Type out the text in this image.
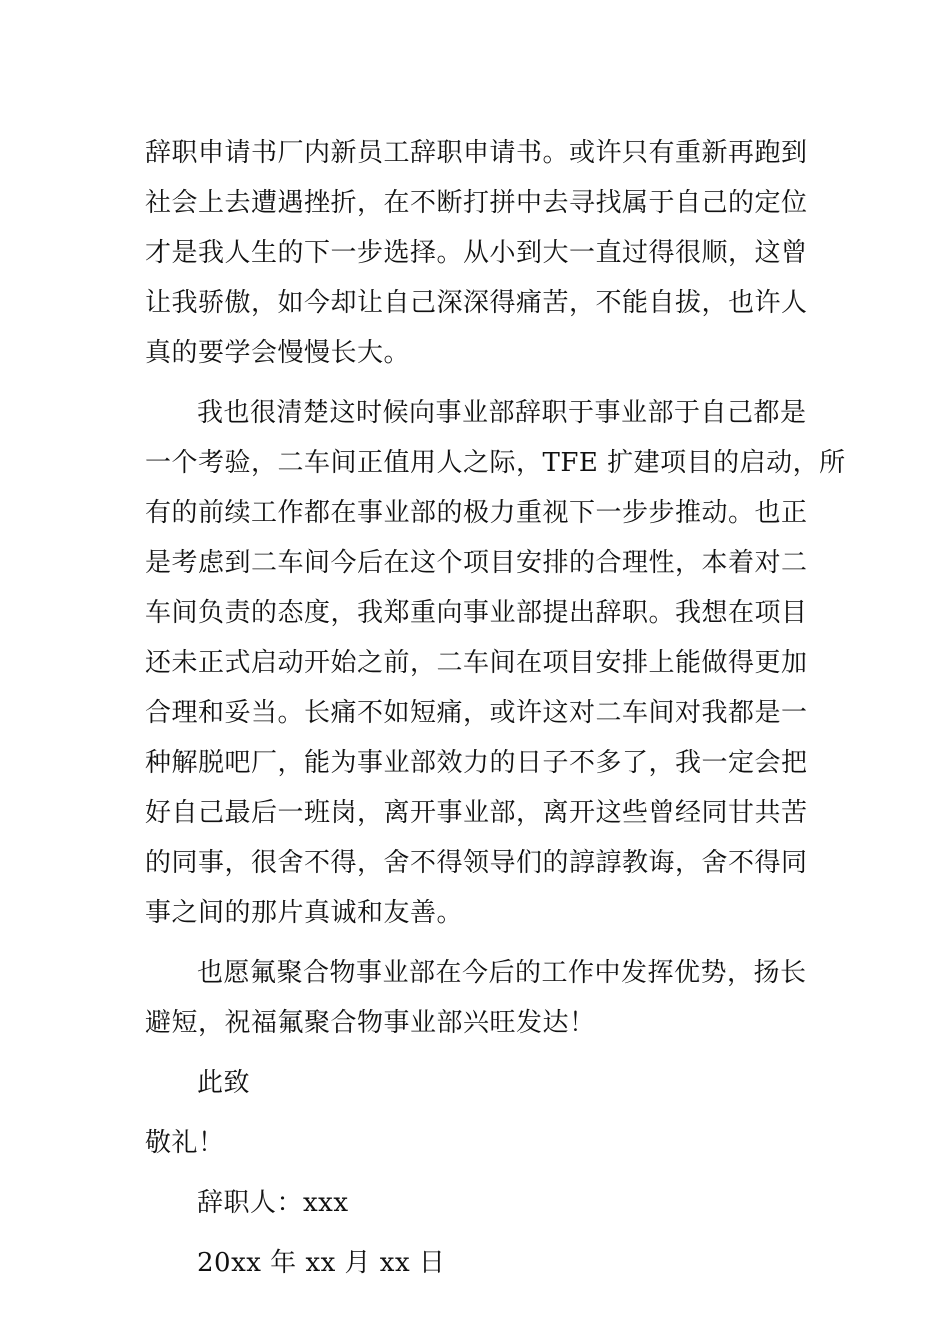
辞职申请书厂内新员工辞职申请书。或许只有重新再跑到
社会上去遭遇挫折，在不断打拼中去寻找属于自己的定位
才是我人生的下一步选择。从小到大一直过得很顺，这曾
让我骄傲，如今却让自己深深得痛苦，不能自拔，也许人
真的要学会慢慢长大。
我也很清楚这时候向事业部辞职于事业部于自己都是
一个考验，二车间正值用人之际，TFE 扩建项目的启动，所
有的前续工作都在事业部的极力重视下一步步推动。也正
是考虑到二车间今后在这个项目安排的合理性，本着对二
车间负责的态度，我郑重向事业部提出辞职。我想在项目
还未正式启动开始之前，二车间在项目安排上能做得更加
合理和妥当。长痛不如短痛，或许这对二车间对我都是一
种解脱吧厂，能为事业部效力的日子不多了，我一定会把
好自己最后一班岗，离开事业部，离开这些曾经同甘共苦
的同事，很舍不得，舍不得领导们的諄諄教诲，舍不得同
事之间的那片真诚和友善。
也愿氟聚合物事业部在今后的工作中发挥优势，扬长
避短，祝福氟聚合物事业部兴旺发达！
此致
敬礼！
辞职人：xxx
20xx 年 xx 月 xx 日
